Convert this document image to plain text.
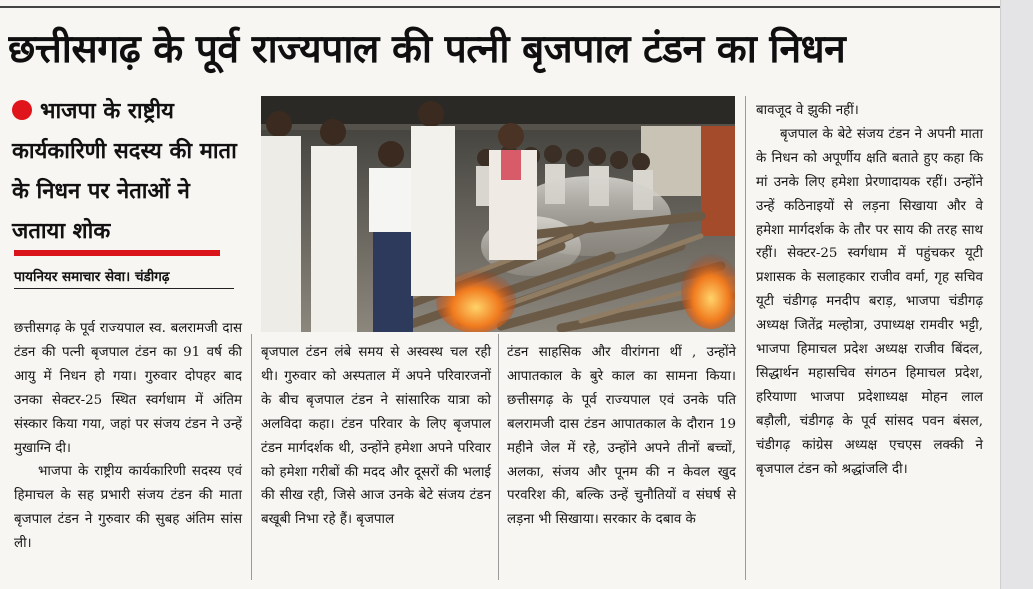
छत्तीसगढ़ के पूर्व राज्यपाल की पत्नी बृजपाल टंडन का निधन
भाजपा के राष्ट्रीय कार्यकारिणी सदस्य की माता के निधन पर नेताओं ने जताया शोक
पायनियर समाचार सेवा। चंडीगढ़

छत्तीसगढ़ के पूर्व राज्यपाल स्व. बलरामजी दास टंडन की पत्नी बृजपाल टंडन का 91 वर्ष की आयु में निधन हो गया। गुरुवार दोपहर बाद उनका सेक्टर-25 स्थित स्वर्गधाम में अंतिम संस्कार किया गया, जहां पर संजय टंडन ने उन्हें मुखाग्नि दी।

भाजपा के राष्ट्रीय कार्यकारिणी सदस्य एवं हिमाचल के सह प्रभारी संजय टंडन की माता बृजपाल टंडन ने गुरुवार की सुबह अंतिम सांस ली।

बृजपाल टंडन लंबे समय से अस्वस्थ चल रही थी। गुरुवार को अस्पताल में अपने परिवारजनों के बीच बृजपाल टंडन ने सांसारिक यात्रा को अलविदा कहा। टंडन परिवार के लिए बृजपाल टंडन मार्गदर्शक थी, उन्होंने हमेशा अपने परिवार को हमेशा गरीबों की मदद और दूसरों की भलाई की सीख रही, जिसे आज उनके बेटे संजय टंडन बखूबी निभा रहे हैं। बृजपाल

टंडन साहसिक और वीरांगना थीं , उन्होंने आपातकाल के बुरे काल का सामना किया। छत्तीसगढ़ के पूर्व राज्यपाल एवं उनके पति बलरामजी दास टंडन आपातकाल के दौरान 19 महीने जेल में रहे, उन्होंने अपने तीनों बच्चों, अलका, संजय और पूनम की न केवल खुद परवरिश की, बल्कि उन्हें चुनौतियों व संघर्ष से लड़ना भी सिखाया। सरकार के दबाव के

बावजूद वे झुकी नहीं।

बृजपाल के बेटे संजय टंडन ने अपनी माता के निधन को अपूर्णीय क्षति बताते हुए कहा कि मां उनके लिए हमेशा प्रेरणादायक रहीं। उन्होंने उन्हें कठिनाइयों से लड़ना सिखाया और वे हमेशा मार्गदर्शक के तौर पर साय की तरह साथ रहीं। सेक्टर-25 स्वर्गधाम में पहुंचकर यूटी प्रशासक के सलाहकार राजीव वर्मा, गृह सचिव यूटी चंडीगढ़ मनदीप बराड़, भाजपा चंडीगढ़ अध्यक्ष जितेंद्र मल्होत्रा, उपाध्यक्ष रामवीर भट्टी, भाजपा हिमाचल प्रदेश अध्यक्ष राजीव बिंदल, सिद्धार्थन महासचिव संगठन हिमाचल प्रदेश, हरियाणा भाजपा प्रदेशाध्यक्ष मोहन लाल बड़ौली, चंडीगढ़ के पूर्व सांसद पवन बंसल, चंडीगढ़ कांग्रेस अध्यक्ष एचएस लक्की ने बृजपाल टंडन को श्रद्धांजलि दी।
